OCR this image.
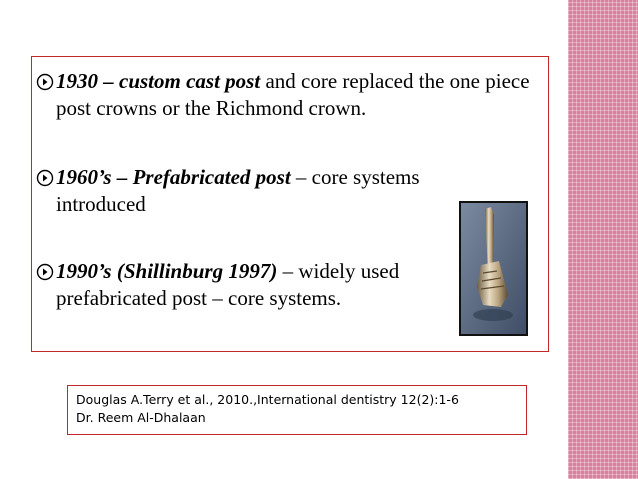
1930 – custom cast post and core replaced the one piece post crowns or the Richmond crown.
1960’s – Prefabricated post – core systems introduced
1990’s (Shillinburg 1997) – widely used prefabricated post – core systems.
Douglas A.Terry et al., 2010.,International dentistry 12(2):1-6
Dr. Reem Al-Dhalaan
